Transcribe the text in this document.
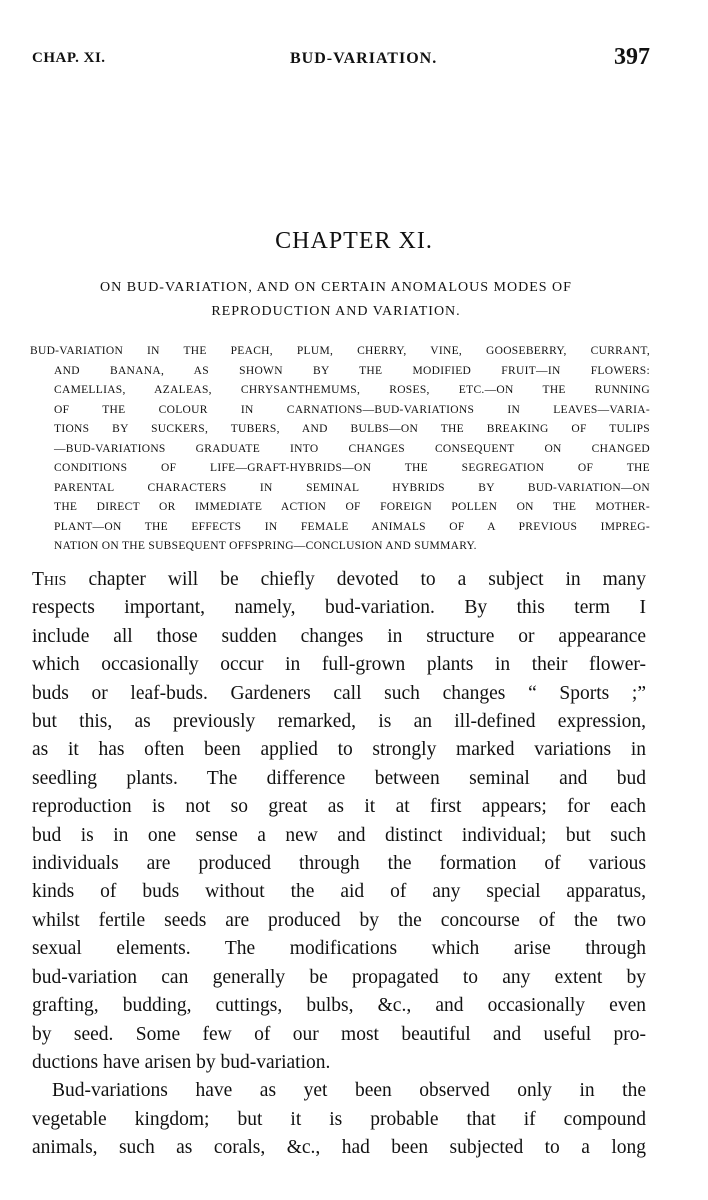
CHAP. XI.	BUD-VARIATION.	397
CHAPTER XI.
ON BUD-VARIATION, AND ON CERTAIN ANOMALOUS MODES OF
REPRODUCTION AND VARIATION.
BUD-VARIATION IN THE PEACH, PLUM, CHERRY, VINE, GOOSEBERRY, CURRANT,
AND BANANA, AS SHOWN BY THE MODIFIED FRUIT—IN FLOWERS:
CAMELLIAS, AZALEAS, CHRYSANTHEMUMS, ROSES, ETC.—ON THE RUNNING
OF THE COLOUR IN CARNATIONS—BUD-VARIATIONS IN LEAVES—VARIA-
TIONS BY SUCKERS, TUBERS, AND BULBS—ON THE BREAKING OF TULIPS
—BUD-VARIATIONS GRADUATE INTO CHANGES CONSEQUENT ON CHANGED
CONDITIONS OF LIFE—GRAFT-HYBRIDS—ON THE SEGREGATION OF THE
PARENTAL CHARACTERS IN SEMINAL HYBRIDS BY BUD-VARIATION—ON
THE DIRECT OR IMMEDIATE ACTION OF FOREIGN POLLEN ON THE MOTHER-
PLANT—ON THE EFFECTS IN FEMALE ANIMALS OF A PREVIOUS IMPREG-
NATION ON THE SUBSEQUENT OFFSPRING—CONCLUSION AND SUMMARY.
This chapter will be chiefly devoted to a subject in many
respects important, namely, bud-variation. By this term I
include all those sudden changes in structure or appearance
which occasionally occur in full-grown plants in their flower-
buds or leaf-buds. Gardeners call such changes “ Sports ;”
but this, as previously remarked, is an ill-defined expression,
as it has often been applied to strongly marked variations in
seedling plants. The difference between seminal and bud
reproduction is not so great as it at first appears; for each
bud is in one sense a new and distinct individual; but such
individuals are produced through the formation of various
kinds of buds without the aid of any special apparatus,
whilst fertile seeds are produced by the concourse of the two
sexual elements. The modifications which arise through
bud-variation can generally be propagated to any extent by
grafting, budding, cuttings, bulbs, &c., and occasionally even
by seed. Some few of our most beautiful and useful pro-
ductions have arisen by bud-variation.
Bud-variations have as yet been observed only in the
vegetable kingdom; but it is probable that if compound
animals, such as corals, &c., had been subjected to a long
